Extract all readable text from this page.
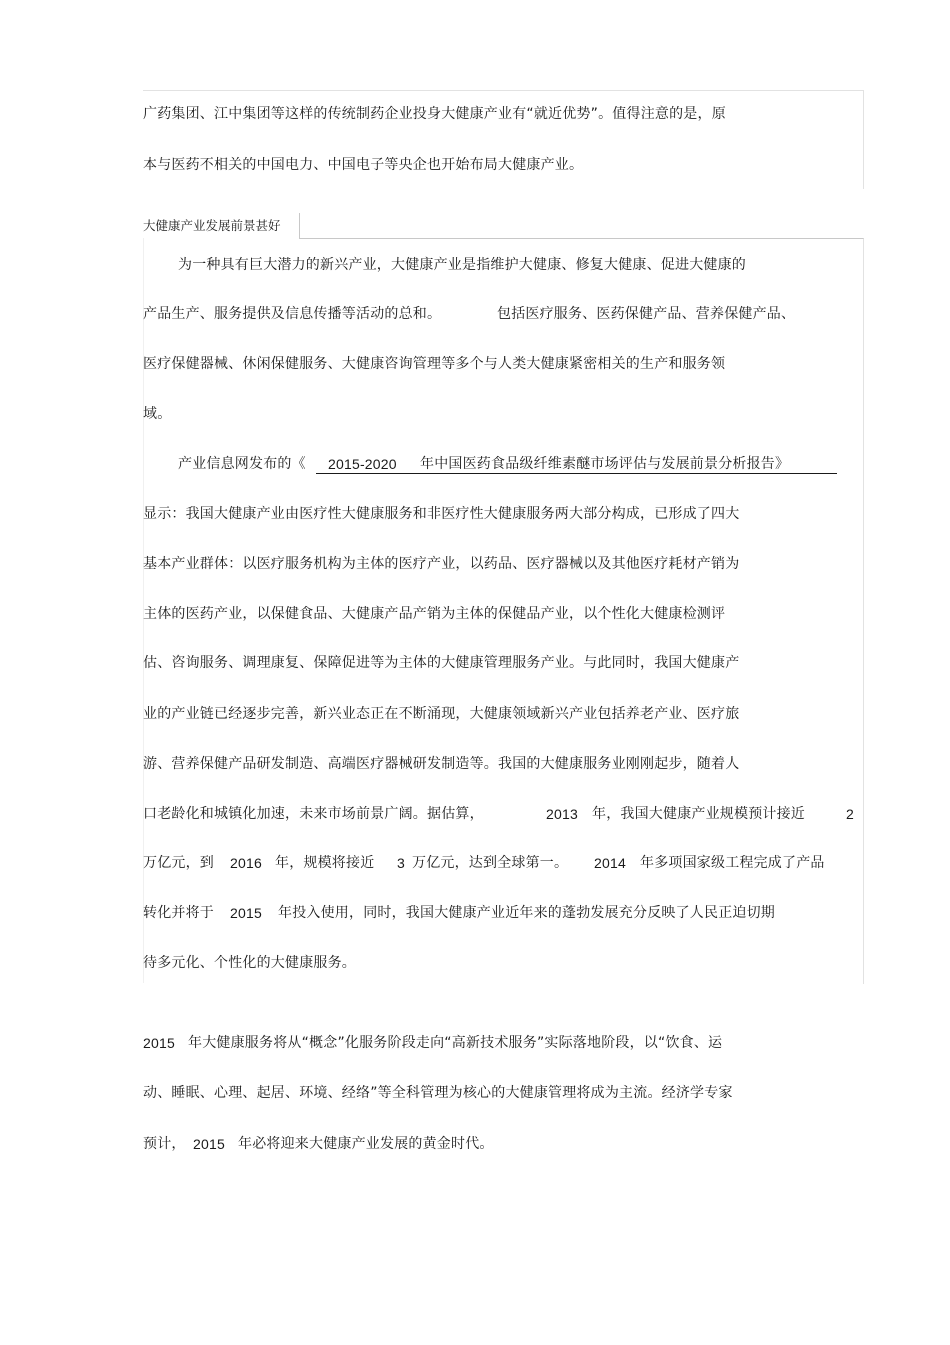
广药集团、江中集团等这样的传统制药企业投身大健康产业有“就近优势”。值得注意的是，原
本与医药不相关的中国电力、中国电子等央企也开始布局大健康产业。
大健康产业发展前景甚好
为一种具有巨大潜力的新兴产业，大健康产业是指维护大健康、修复大健康、促进大健康的
产品生产、服务提供及信息传播等活动的总和。	包括医疗服务、医药保健产品、营养保健产品、
医疗保健器械、休闲保健服务、大健康咨询管理等多个与人类大健康紧密相关的生产和服务领
域。
产业信息网发布的《 2015-2020 年中国医药食品级纤维素醚市场评估与发展前景分析报告》
显示：我国大健康产业由医疗性大健康服务和非医疗性大健康服务两大部分构成，已形成了四大
基本产业群体：以医疗服务机构为主体的医疗产业，以药品、医疗器械以及其他医疗耗材产销为
主体的医药产业，以保健食品、大健康产品产销为主体的保健品产业，以个性化大健康检测评
估、咨询服务、调理康复、保障促进等为主体的大健康管理服务产业。与此同时，我国大健康产
业的产业链已经逐步完善，新兴业态正在不断涌现，大健康领域新兴产业包括养老产业、医疗旅
游、营养保健产品研发制造、高端医疗器械研发制造等。我国的大健康服务业刚刚起步，随着人
口老龄化和城镇化加速，未来市场前景广阔。据估算，	2013 年，我国大健康产业规模预计接近	2
万亿元，到 2016 年，规模将接近 3 万亿元，达到全球第一。 2014 年多项国家级工程完成了产品
转化并将于 2015 年投入使用，同时，我国大健康产业近年来的蓬勃发展充分反映了人民正迫切期
待多元化、个性化的大健康服务。
2015 年大健康服务将从“概念”化服务阶段走向“高新技术服务”实际落地阶段，以“饮食、运
动、睡眠、心理、起居、环境、经络”等全科管理为核心的大健康管理将成为主流。经济学专家
预计， 2015 年必将迎来大健康产业发展的黄金时代。
